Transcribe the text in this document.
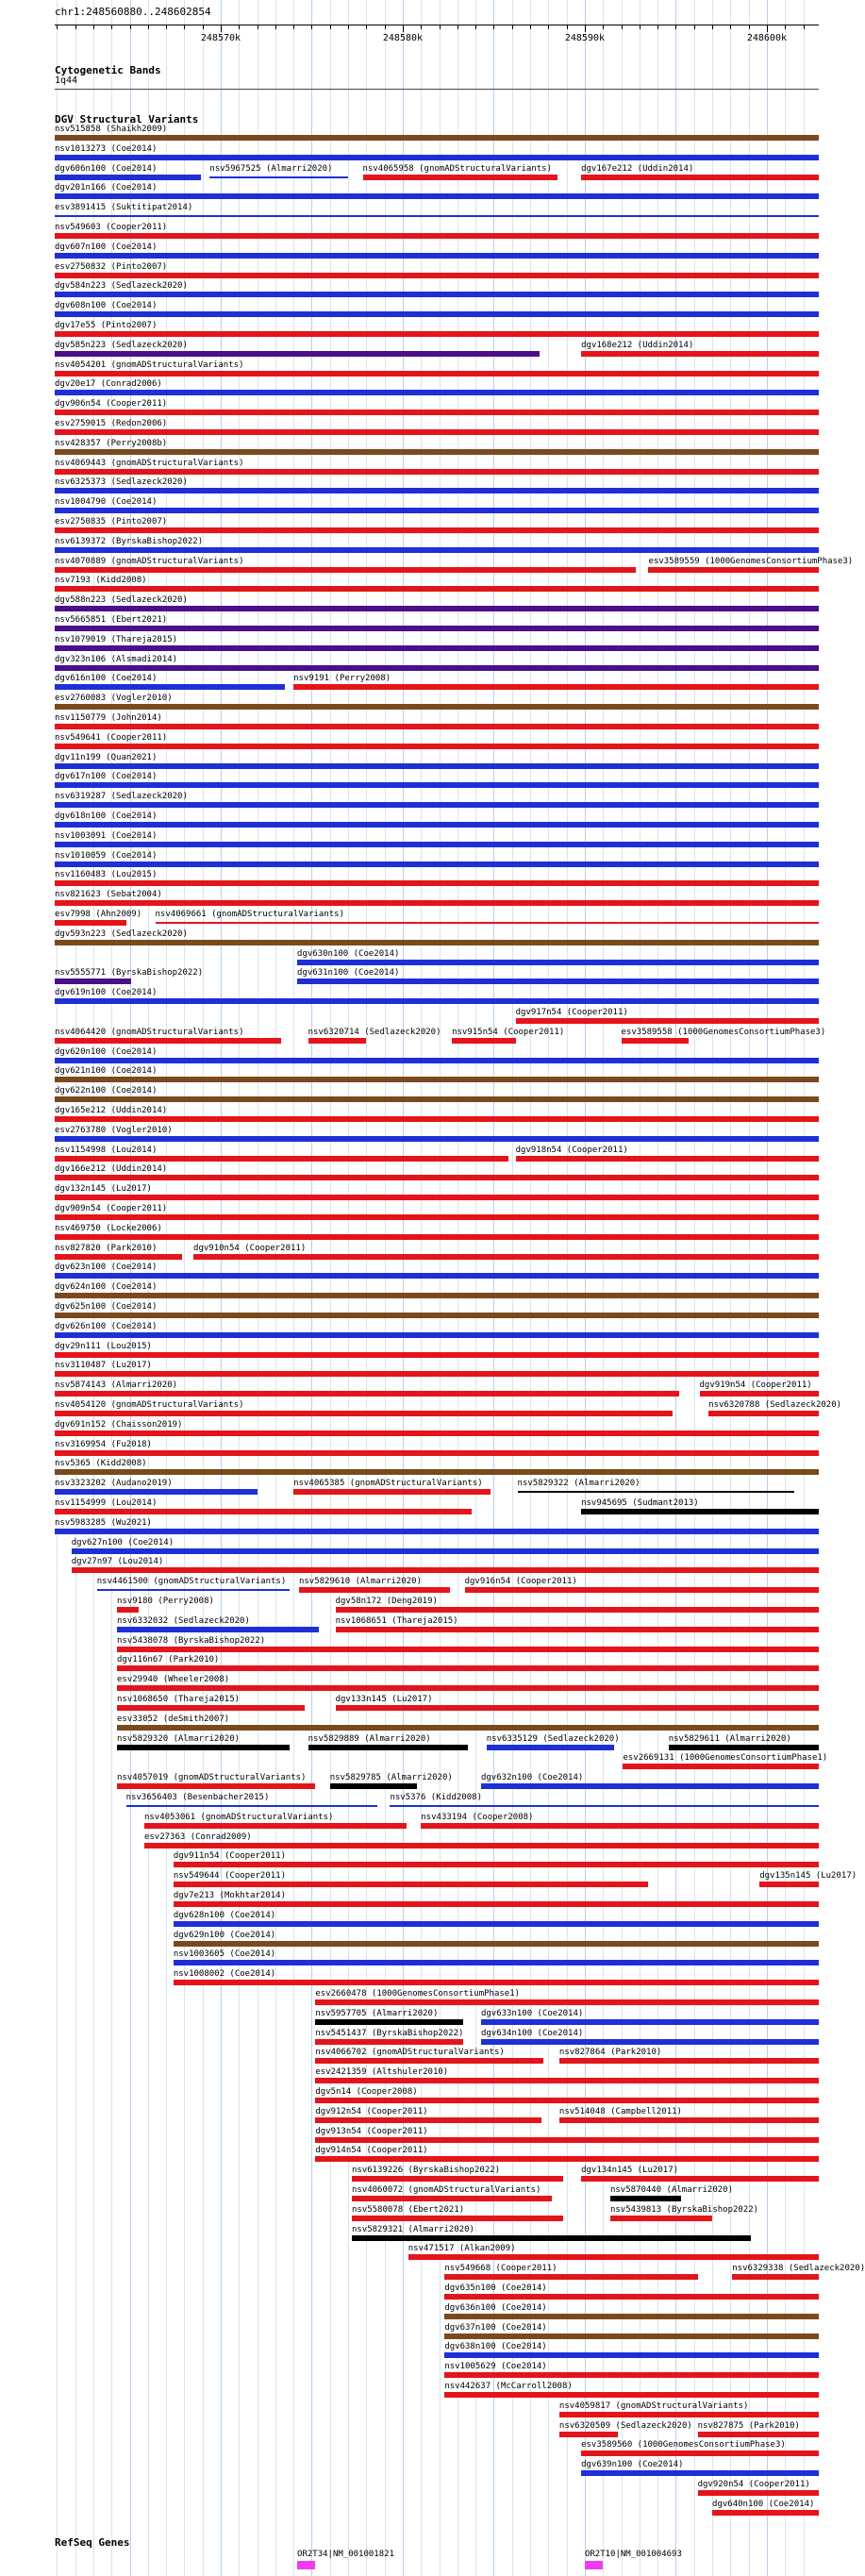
chr1:248560880..248602854
248570k	248580k	248590k	248600k
Cytogenetic Bands
1q44
DGV Structural Variants
nsv515858 (Shaikh2009)
nsv1013273 (Coe2014)
dgv606n100 (Coe2014)	nsv5967525 (Almarri2020)	nsv4065958 (gnomADStructuralVariants)	dgv167e212 (Uddin2014)
dgv201n166 (Coe2014)
esv3891415 (Suktitipat2014)
nsv549603 (Cooper2011)
dgv607n100 (Coe2014)
esv2750832 (Pinto2007)
dgv584n223 (Sedlazeck2020)
dgv608n100 (Coe2014)
dgv17e55 (Pinto2007)
dgv585n223 (Sedlazeck2020)	dgv168e212 (Uddin2014)
nsv4054201 (gnomADStructuralVariants)
dgv20e17 (Conrad2006)
dgv906n54 (Cooper2011)
esv2759015 (Redon2006)
nsv428357 (Perry2008b)
nsv4069443 (gnomADStructuralVariants)
nsv6325373 (Sedlazeck2020)
nsv1004790 (Coe2014)
esv2750835 (Pinto2007)
nsv6139372 (ByrskaBishop2022)
nsv4070889 (gnomADStructuralVariants)	esv3589559 (1000GenomesConsortiumPhase3)
nsv7193 (Kidd2008)
dgv588n223 (Sedlazeck2020)
nsv5665851 (Ebert2021)
nsv1079019 (Thareja2015)
dgv323n106 (Alsmadi2014)
dgv616n100 (Coe2014)	nsv9191 (Perry2008)
esv2760083 (Vogler2010)
nsv1150779 (John2014)
nsv549641 (Cooper2011)
dgv11n199 (Quan2021)
dgv617n100 (Coe2014)
nsv6319287 (Sedlazeck2020)
dgv618n100 (Coe2014)
nsv1003091 (Coe2014)
nsv1010059 (Coe2014)
nsv1160483 (Lou2015)
nsv821623 (Sebat2004)
esv7998 (Ahn2009) nsv4069661 (gnomADStructuralVariants)
dgv593n223 (Sedlazeck2020)
dgv630n100 (Coe2014)
nsv5555771 (ByrskaBishop2022)	dgv631n100 (Coe2014)
dgv619n100 (Coe2014)
dgv917n54 (Cooper2011)
nsv4064420 (gnomADStructuralVariants)	nsv6320714 (Sedlazeck2020) nsv915n54 (Cooper2011)
dgv620n100 (Coe2014)
dgv621n100 (Coe2014)
dgv622n100 (Coe2014)
dgv165e212 (Uddin2014)
esv2763780 (Vogler2010)
nsv1154998 (Lou2014)	dgv918n54 (Cooper2011)
dgv166e212 (Uddin2014)
dgv132n145 (Lu2017)
dgv909n54 (Cooper2011)
nsv469750 (Locke2006)
nsv827820 (Park2010)	dgv910n54 (Cooper2011)
dgv623n100 (Coe2014)
dgv624n100 (Coe2014)
dgv625n100 (Coe2014)
dgv626n100 (Coe2014)
dgv29n111 (Lou2015)
nsv3110487 (Lu2017)
esv3589558 (1000GenomesConsortiumPhase3)
nsv5874143 (Almarri2020)	dgv919n54 (Cooper2011)
nsv4054120 (gnomADStructuralVariants)	nsv6320788 (Sedlazeck2020)
dgv691n152 (Chaisson2019)
nsv3169954 (Fu2018)
nsv5365 (Kidd2008)
nsv3323202 (Audano2019)	nsv4065385 (gnomADStructuralVariants)	nsv5829322 (Almarri2020)
nsv1154999 (Lou2014)	nsv945695 (Sudmant2013)
nsv5983285 (Wu2021)
dgv627n100 (Coe2014)
dgv27n97 (Lou2014)
nsv4461500 (gnomADStructuralVariants) nsv5829610 (Almarri2020)	dgv916n54 (Cooper2011)
nsv9180 (Perry2008)	dgv58n172 (Deng2019)
nsv6332032 (Sedlazeck2020)	nsv1068651 (Thareja2015)
nsv5438078 (ByrskaBishop2022)
dgv116n67 (Park2010)
esv29940 (Wheeler2008)
nsv1068650 (Thareja2015)	dgv133n145 (Lu2017)
esv33052 (deSmith2007)
nsv5829320 (Almarri2020)	nsv5829889 (Almarri2020)	nsv6335129 (Sedlazeck2020)
esv2669131 (1000GenomesConsortiumPhase1)
nsv4057019 (gnomADStructuralVariants)	nsv5829785 (Almarri2020)	dgv632n100 (Coe2014)
nsv3656403 (Besenbacher2015)	nsv5376 (Kidd2008)
nsv4053061 (gnomADStructuralVariants)	nsv433194 (Cooper2008)
esv27363 (Conrad2009)
dgv911n54 (Cooper2011)
nsv549644 (Cooper2011)
nsv5829611 (Almarri2020)
dgv7e213 (Mokhtar2014)
dgv628n100 (Coe2014)
dgv629n100 (Coe2014)
nsv1003605 (Coe2014)
nsv1008002 (Coe2014)
esv2660478 (1000GenomesConsortiumPhase1)
nsv5957705 (Almarri2020)	dgv633n100 (Coe2014)
nsv5451437 (ByrskaBishop2022) dgv634n100 (Coe2014)
nsv4066702 (gnomADStructuralVariants)	nsv827864 (Park2010)
esv2421359 (Altshuler2010)
dgv5n14 (Cooper2008)
dgv912n54 (Cooper2011)	nsv514048 (Campbell2011)
dgv913n54 (Cooper2011)
dgv914n54 (Cooper2011)
nsv6139226 (ByrskaBishop2022)	dgv134n145 (Lu2017)
nsv4060072 (gnomADStructuralVariants)	nsv5870440 (Almarri2020)
nsv5580078 (Ebert2021)	nsv5439813 (ByrskaBishop2022)
nsv5829321 (Almarri2020)
dgv135n145 (Lu2017)
nsv471517 (Alkan2009)
nsv549668 (Cooper2011)	nsv6329338 (Sedlazeck2020)
dgv635n100 (Coe2014)
dgv636n100 (Coe2014)
dgv637n100 (Coe2014)
dgv638n100 (Coe2014)
nsv1005629 (Coe2014)
nsv442637 (McCarroll2008)
nsv4059817 (gnomADStructuralVariants)
nsv6320509 (Sedlazeck2020)
esv3589560 (1000GenomesConsortiumPhase3)
dgv639n100 (Coe2014)
nsv827875 (Park2010)
dgv920n54 (Cooper2011)
dgv640n100 (Coe2014)
RefSeq Genes
OR2T34|NM_001001821	OR2T10|NM_001004693
